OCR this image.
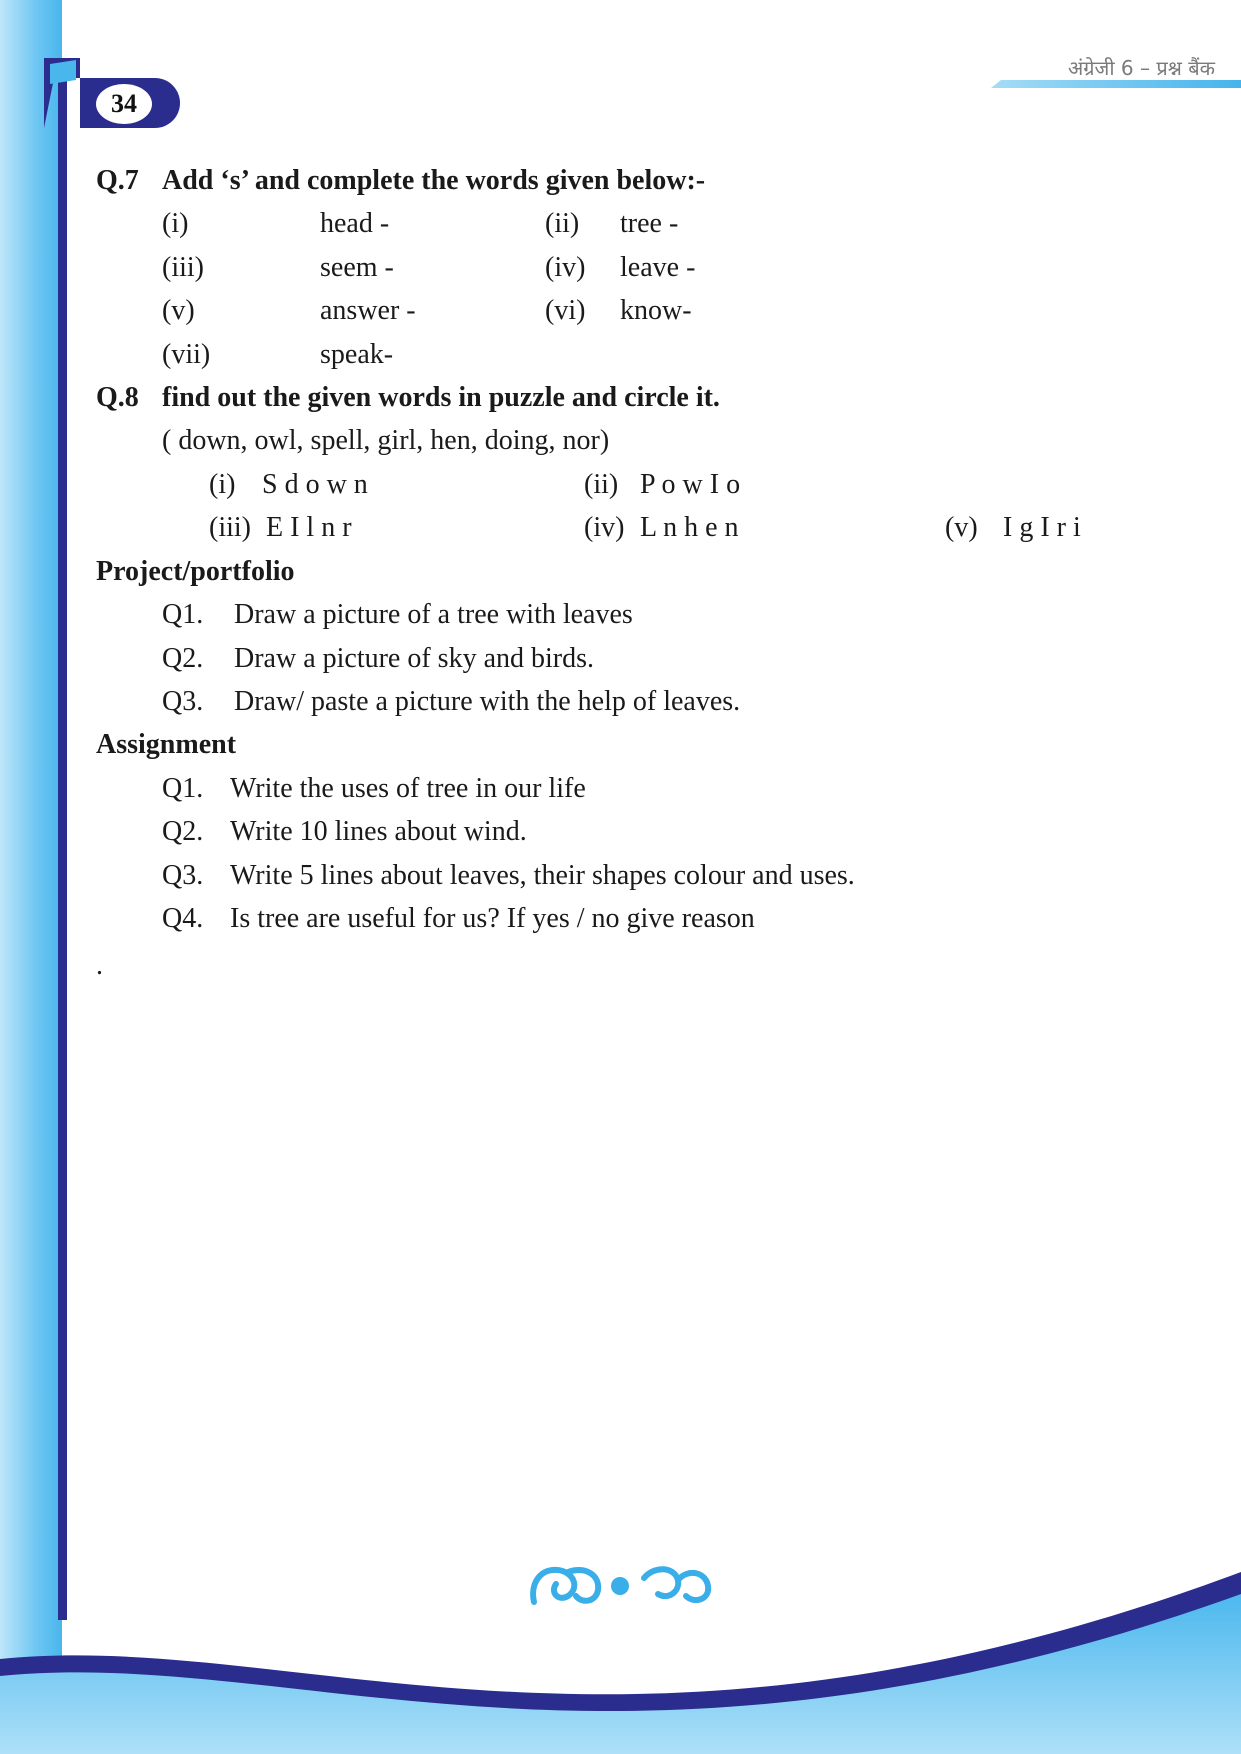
34
अंग्रेजी 6 – प्रश्न बैंक
Q.7 Add ‘s’ and complete the words given below:-
(i)	head -	(ii) tree -
(iii)	seem -	(iv) leave -
(v)	answer -	(vi) know-
(vii)	speak-
Q.8 find out the given words in puzzle and circle it.
( down, owl, spell, girl, hen, doing, nor)
(i) S d o w n	(ii) P o w I o
(iii) E I l n r	(iv) L n h e n	(v) I g I r i
Project/portfolio
Q1. Draw a picture of a tree with leaves
Q2. Draw a picture of sky and birds.
Q3. Draw/ paste a picture with the help of leaves.
Assignment
Q1. Write the uses of tree in our life
Q2. Write 10 lines about wind.
Q3. Write 5 lines about leaves, their shapes colour and uses.
Q4. Is tree are useful for us? If yes / no give reason
.
